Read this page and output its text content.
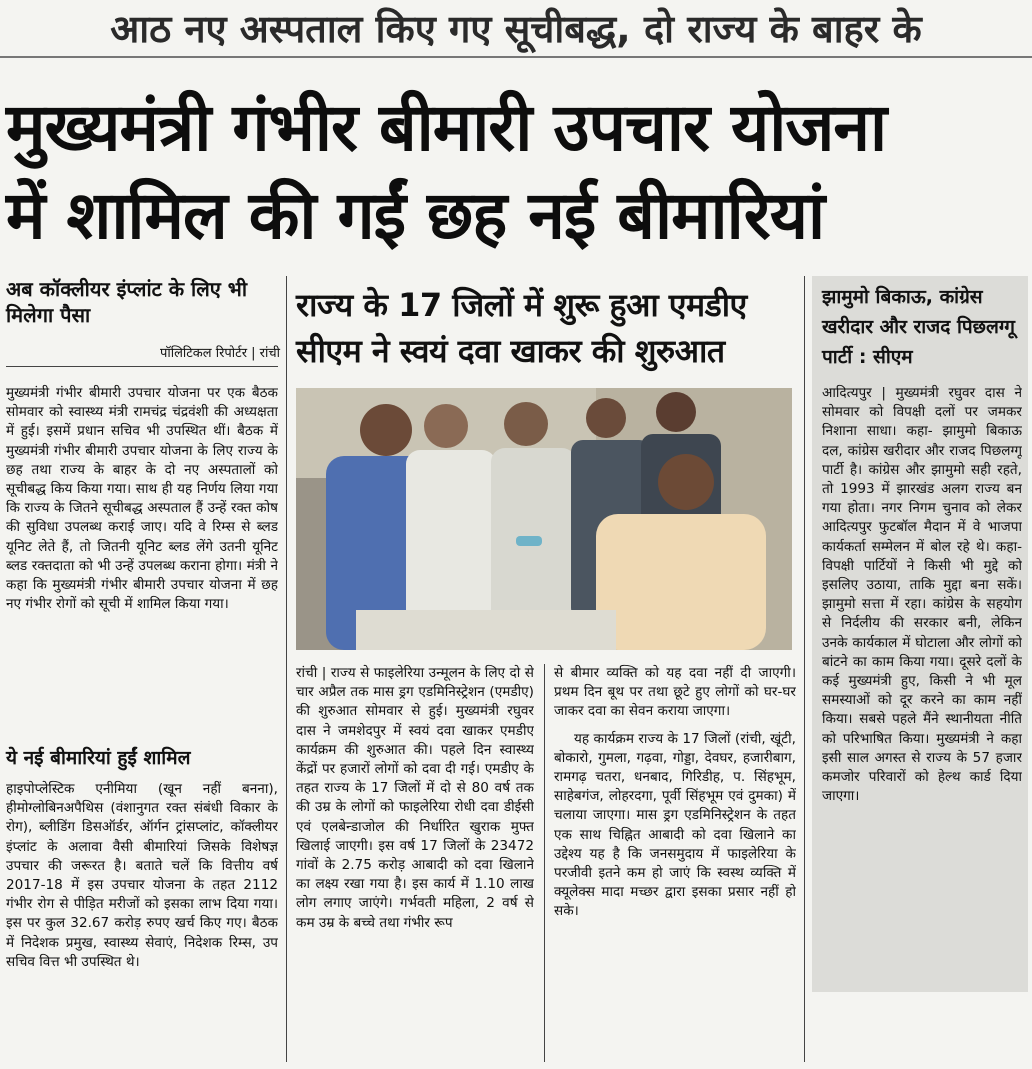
आठ नए अस्पताल किए गए सूचीबद्ध, दो राज्य के बाहर के
मुख्यमंत्री गंभीर बीमारी उपचार योजना
में शामिल की गईं छह नई बीमारियां
अब कॉक्लीयर इंप्लांट के लिए भी मिलेगा पैसा
पॉलिटिकल रिपोर्टर | रांची

मुख्यमंत्री गंभीर बीमारी उपचार योजना पर एक बैठक सोमवार को स्वास्थ्य मंत्री रामचंद्र चंद्रवंशी की अध्यक्षता में हुई। इसमें प्रधान सचिव भी उपस्थित थीं। बैठक में मुख्यमंत्री गंभीर बीमारी उपचार योजना के लिए राज्य के छह तथा राज्य के बाहर के दो नए अस्पतालों को सूचीबद्ध किय किया गया। साथ ही यह निर्णय लिया गया कि राज्य के जितने सूचीबद्ध अस्पताल हैं उन्हें रक्त कोष की सुविधा उपलब्ध कराई जाए। यदि वे रिम्स से ब्लड यूनिट लेते हैं, तो जितनी यूनिट ब्लड लेंगे उतनी यूनिट ब्लड रक्तदाता को भी उन्हें उपलब्ध कराना होगा। मंत्री ने कहा कि मुख्यमंत्री गंभीर बीमारी उपचार योजना में छह नए गंभीर रोगों को सूची में शामिल किया गया।

ये नई बीमारियां हुईं शामिल

हाइपोप्लेस्टिक एनीमिया (खून नहीं बनना), हीमोग्लोबिनअपैथिस (वंशानुगत रक्त संबंधी विकार के रोग), ब्लीडिंग डिसऑर्डर, ऑर्गन ट्रांसप्लांट, कॉक्लीयर इंप्लांट के अलावा वैसी बीमारियां जिसके विशेषज्ञ उपचार की जरूरत है। बताते चलें कि वित्तीय वर्ष 2017-18 में इस उपचार योजना के तहत 2112 गंभीर रोग से पीड़ित मरीजों को इसका लाभ दिया गया। इस पर कुल 32.67 करोड़ रुपए खर्च किए गए। बैठक में निदेशक प्रमुख, स्वास्थ्य सेवाएं, निदेशक रिम्स, उप सचिव वित्त भी उपस्थित थे।

राज्य के 17 जिलों में शुरू हुआ एमडीए
सीएम ने स्वयं दवा खाकर की शुरुआत

रांची | राज्य से फाइलेरिया उन्मूलन के लिए दो से चार अप्रैल तक मास ड्रग एडमिनिस्ट्रेशन (एमडीए) की शुरुआत सोमवार से हुई। मुख्यमंत्री रघुवर दास ने जमशेदपुर में स्वयं दवा खाकर एमडीए कार्यक्रम की शुरुआत की। पहले दिन स्वास्थ्य केंद्रों पर हजारों लोगों को दवा दी गई। एमडीए के तहत राज्य के 17 जिलों में दो से 80 वर्ष तक की उम्र के लोगों को फाइलेरिया रोधी दवा डीईसी एवं एलबेन्डाजोल की निर्धारित खुराक मुफ्त खिलाई जाएगी। इस वर्ष 17 जिलों के 23472 गांवों के 2.75 करोड़ आबादी को दवा खिलाने का लक्ष्य रखा गया है। इस कार्य में 1.10 लाख लोग लगाए जाएंगे। गर्भवती महिला, 2 वर्ष से कम उम्र के बच्चे तथा गंभीर रूप

से बीमार व्यक्ति को यह दवा नहीं दी जाएगी। प्रथम दिन बूथ पर तथा छूटे हुए लोगों को घर-घर जाकर दवा का सेवन कराया जाएगा।

यह कार्यक्रम राज्य के 17 जिलों (रांची, खूंटी, बोकारो, गुमला, गढ़वा, गोड्डा, देवघर, हजारीबाग, रामगढ़ चतरा, धनबाद, गिरिडीह, प. सिंहभूम, साहेबगंज, लोहरदगा, पूर्वी सिंहभूम एवं दुमका) में चलाया जाएगा। मास ड्रग एडमिनिस्ट्रेशन के तहत एक साथ चिह्नित आबादी को दवा खिलाने का उद्देश्य यह है कि जनसमुदाय में फाइलेरिया के परजीवी इतने कम हो जाएं कि स्वस्थ व्यक्ति में क्यूलेक्स मादा मच्छर द्वारा इसका प्रसार नहीं हो सके।

झामुमो बिकाऊ, कांग्रेस खरीदार और राजद पिछलग्गू पार्टी : सीएम

आदित्यपुर | मुख्यमंत्री रघुवर दास ने सोमवार को विपक्षी दलों पर जमकर निशाना साधा। कहा- झामुमो बिकाऊ दल, कांग्रेस खरीदार और राजद पिछलग्गू पार्टी है। कांग्रेस और झामुमो सही रहते, तो 1993 में झारखंड अलग राज्य बन गया होता। नगर निगम चुनाव को लेकर आदित्यपुर फुटबॉल मैदान में वे भाजपा कार्यकर्ता सम्मेलन में बोल रहे थे। कहा- विपक्षी पार्टियों ने किसी भी मुद्दे को इसलिए उठाया, ताकि मुद्दा बना सकें। झामुमो सत्ता में रहा। कांग्रेस के सहयोग से निर्दलीय की सरकार बनी, लेकिन उनके कार्यकाल में घोटाला और लोगों को बांटने का काम किया गया। दूसरे दलों के कई मुख्यमंत्री हुए, किसी ने भी मूल समस्याओं को दूर करने का काम नहीं किया। सबसे पहले मैंने स्थानीयता नीति को परिभाषित किया। मुख्यमंत्री ने कहा इसी साल अगस्त से राज्य के 57 हजार कमजोर परिवारों को हेल्थ कार्ड दिया जाएगा।
